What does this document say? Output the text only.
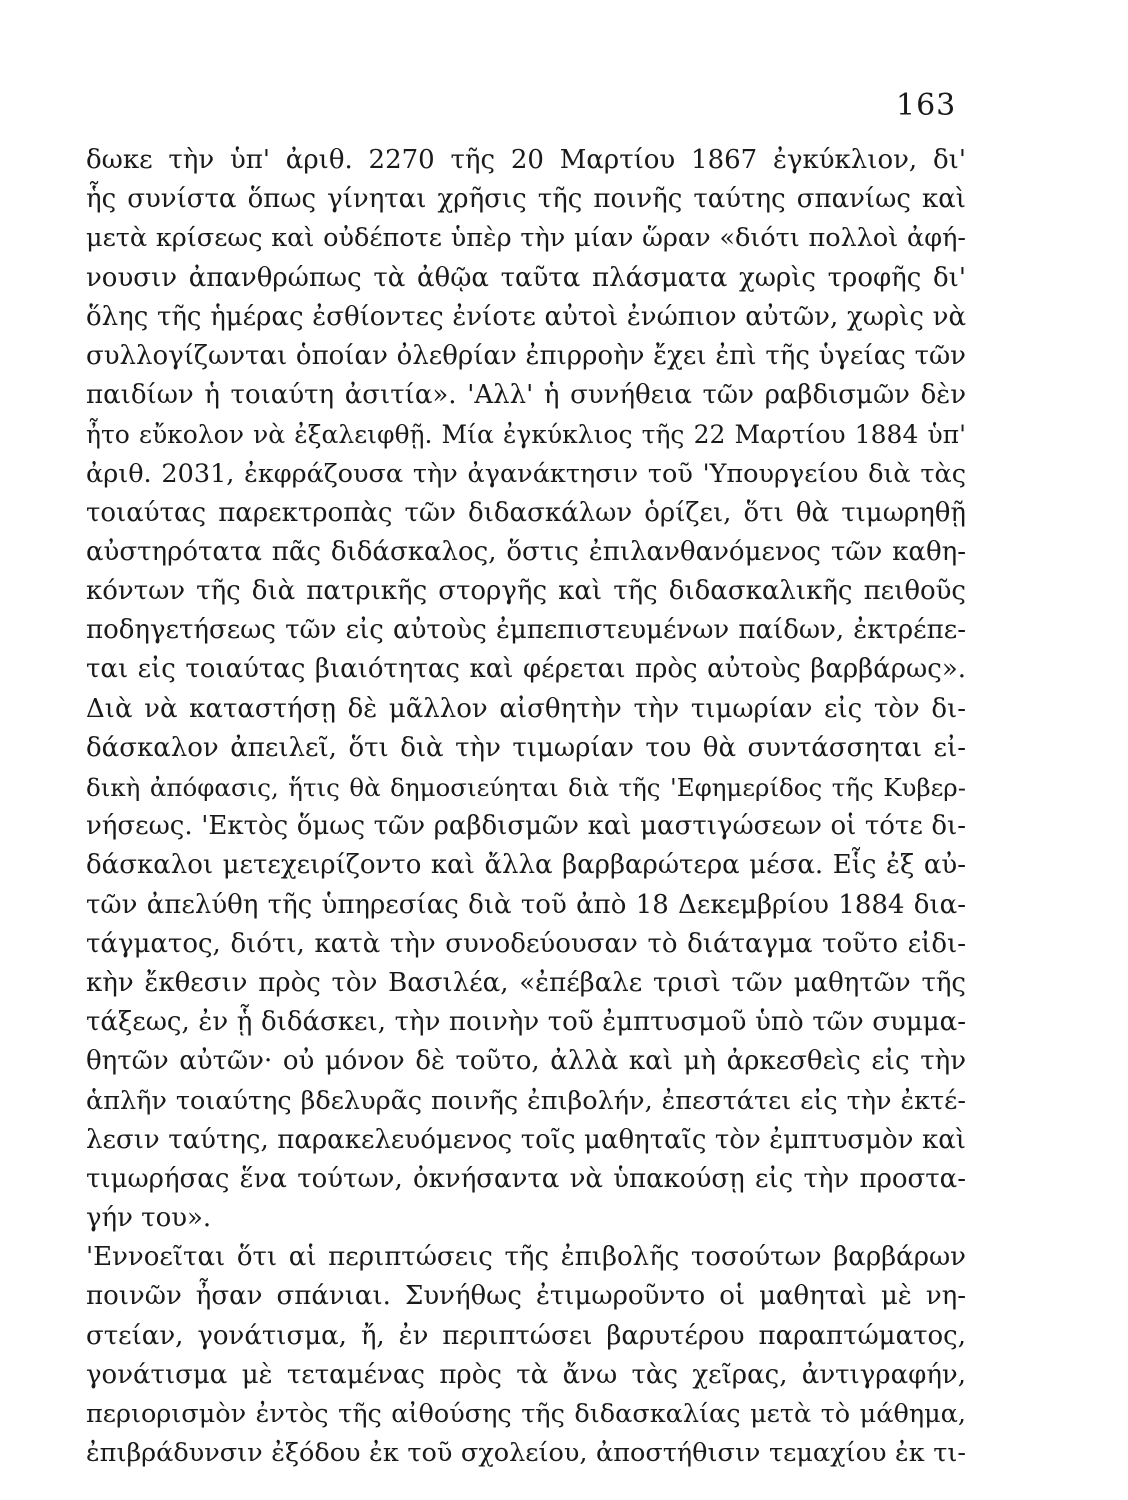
163
δωκε τὴν ὑπ' ἀριθ. 2270 τῆς 20 Μαρτίου 1867 ἐγκύκλιον, δι'
ἧς συνίστα ὅπως γίνηται χρῆσις τῆς ποινῆς ταύτης σπανίως καὶ
μετὰ κρίσεως καὶ οὐδέποτε ὑπὲρ τὴν μίαν ὥραν «διότι πολλοὶ ἀφή-
νουσιν ἀπανθρώπως τὰ ἀθῷα ταῦτα πλάσματα χωρὶς τροφῆς δι'
ὅλης τῆς ἡμέρας ἐσθίοντες ἐνίοτε αὐτοὶ ἐνώπιον αὐτῶν, χωρὶς νὰ
συλλογίζωνται ὁποίαν ὀλεθρίαν ἐπιρροὴν ἔχει ἐπὶ τῆς ὑγείας τῶν
παιδίων ἡ τοιαύτη ἀσιτία». 'Αλλ' ἡ συνήθεια τῶν ραβδισμῶν δὲν
ἦτο εὔκολον νὰ ἐξαλειφθῇ. Μία ἐγκύκλιος τῆς 22 Μαρτίου 1884 ὑπ'
ἀριθ. 2031, ἐκφράζουσα τὴν ἀγανάκτησιν τοῦ 'Υπουργείου διὰ τὰς
τοιαύτας παρεκτροπὰς τῶν διδασκάλων ὁρίζει, ὅτι θὰ τιμωρηθῇ
αὐστηρότατα πᾶς διδάσκαλος, ὅστις ἐπιλανθανόμενος τῶν καθη-
κόντων τῆς διὰ πατρικῆς στοργῆς καὶ τῆς διδασκαλικῆς πειθοῦς
ποδηγετήσεως τῶν εἰς αὐτοὺς ἐμπεπιστευμένων παίδων, ἐκτρέπε-
ται εἰς τοιαύτας βιαιότητας καὶ φέρεται πρὸς αὐτοὺς βαρβάρως».
Διὰ νὰ καταστήσῃ δὲ μᾶλλον αἰσθητὴν τὴν τιμωρίαν εἰς τὸν δι-
δάσκαλον ἀπειλεῖ, ὅτι διὰ τὴν τιμωρίαν του θὰ συντάσσηται εἰ-
δικὴ ἀπόφασις, ἥτις θὰ δημοσιεύηται διὰ τῆς 'Εφημερίδος τῆς Κυβερ-
νήσεως. 'Εκτὸς ὅμως τῶν ραβδισμῶν καὶ μαστιγώσεων οἱ τότε δι-
δάσκαλοι μετεχειρίζοντο καὶ ἄλλα βαρβαρώτερα μέσα. Εἷς ἐξ αὐ-
τῶν ἀπελύθη τῆς ὑπηρεσίας διὰ τοῦ ἀπὸ 18 Δεκεμβρίου 1884 δια-
τάγματος, διότι, κατὰ τὴν συνοδεύουσαν τὸ διάταγμα τοῦτο εἰδι-
κὴν ἔκθεσιν πρὸς τὸν Βασιλέα, «ἐπέβαλε τρισὶ τῶν μαθητῶν τῆς
τάξεως, ἐν ᾗ διδάσκει, τὴν ποινὴν τοῦ ἐμπτυσμοῦ ὑπὸ τῶν συμμα-
θητῶν αὐτῶν· οὐ μόνον δὲ τοῦτο, ἀλλὰ καὶ μὴ ἀρκεσθεὶς εἰς τὴν
ἁπλῆν τοιαύτης βδελυρᾶς ποινῆς ἐπιβολήν, ἐπεστάτει εἰς τὴν ἐκτέ-
λεσιν ταύτης, παρακελευόμενος τοῖς μαθηταῖς τὸν ἐμπτυσμὸν καὶ
τιμωρήσας ἕνα τούτων, ὀκνήσαντα νὰ ὑπακούσῃ εἰς τὴν προστα-
γήν του».
'Εννοεῖται ὅτι αἱ περιπτώσεις τῆς ἐπιβολῆς τοσούτων βαρβάρων
ποινῶν ἦσαν σπάνιαι. Συνήθως ἐτιμωροῦντο οἱ μαθηταὶ μὲ νη-
στείαν, γονάτισμα, ἤ, ἐν περιπτώσει βαρυτέρου παραπτώματος,
γονάτισμα μὲ τεταμένας πρὸς τὰ ἄνω τὰς χεῖρας, ἀντιγραφήν,
περιορισμὸν ἐντὸς τῆς αἰθούσης τῆς διδασκαλίας μετὰ τὸ μάθημα,
ἐπιβράδυνσιν ἐξόδου ἐκ τοῦ σχολείου, ἀποστήθισιν τεμαχίου ἐκ τι-
